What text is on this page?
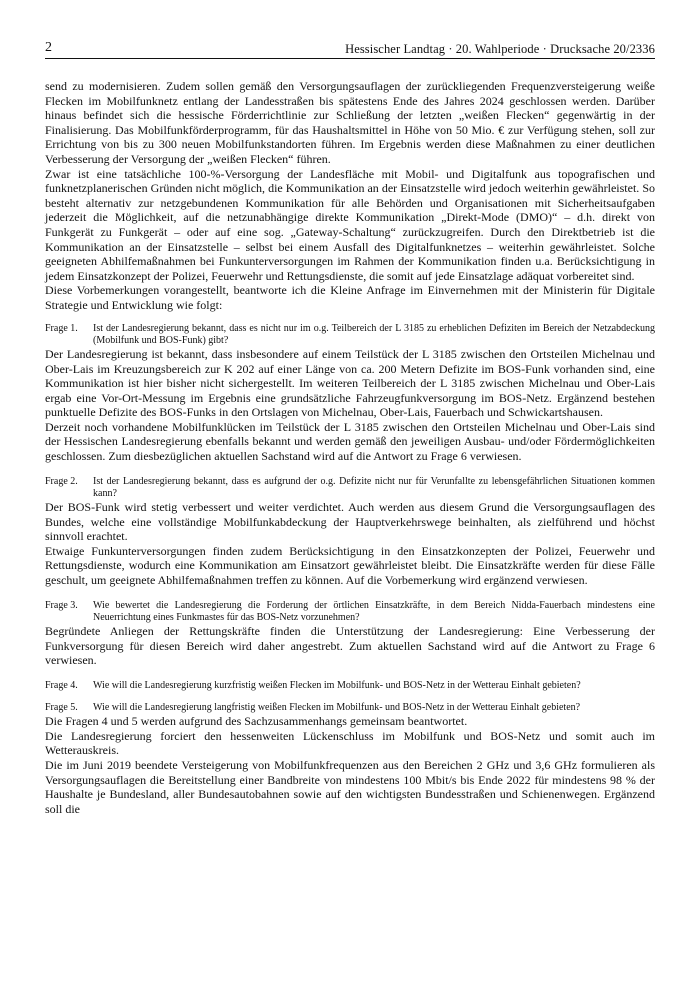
2	Hessischer Landtag · 20. Wahlperiode · Drucksache 20/2336

send zu modernisieren. Zudem sollen gemäß den Versorgungsauflagen der zurückliegenden Frequenzversteigerung weiße Flecken im Mobilfunknetz entlang der Landesstraßen bis spätestens Ende des Jahres 2024 geschlossen werden. Darüber hinaus befindet sich die hessische Förderrichtlinie zur Schließung der letzten „weißen Flecken“ gegenwärtig in der Finalisierung. Das Mobilfunkförderprogramm, für das Haushaltsmittel in Höhe von 50 Mio. € zur Verfügung stehen, soll zur Errichtung von bis zu 300 neuen Mobilfunkstandorten führen. Im Ergebnis werden diese Maßnahmen zu einer deutlichen Verbesserung der Versorgung der „weißen Flecken“ führen.

Zwar ist eine tatsächliche 100-%-Versorgung der Landesfläche mit Mobil- und Digitalfunk aus topografischen und funknetzplanerischen Gründen nicht möglich, die Kommunikation an der Einsatzstelle wird jedoch weiterhin gewährleistet. So besteht alternativ zur netzgebundenen Kommunikation für alle Behörden und Organisationen mit Sicherheitsaufgaben jederzeit die Möglichkeit, auf die netzunabhängige direkte Kommunikation „Direkt-Mode (DMO)“ – d.h. direkt von Funkgerät zu Funkgerät – oder auf eine sog. „Gateway-Schaltung“ zurückzugreifen. Durch den Direktbetrieb ist die Kommunikation an der Einsatzstelle – selbst bei einem Ausfall des Digitalfunknetzes – weiterhin gewährleistet. Solche geeigneten Abhilfemaßnahmen bei Funkunterversorgungen im Rahmen der Kommunikation finden u.a. Berücksichtigung in jedem Einsatzkonzept der Polizei, Feuerwehr und Rettungsdienste, die somit auf jede Einsatzlage adäquat vorbereitet sind.

Diese Vorbemerkungen vorangestellt, beantworte ich die Kleine Anfrage im Einvernehmen mit der Ministerin für Digitale Strategie und Entwicklung wie folgt:

Frage 1.	Ist der Landesregierung bekannt, dass es nicht nur im o.g. Teilbereich der L 3185 zu erheblichen Defiziten im Bereich der Netzabdeckung (Mobilfunk und BOS-Funk) gibt?

Der Landesregierung ist bekannt, dass insbesondere auf einem Teilstück der L 3185 zwischen den Ortsteilen Michelnau und Ober-Lais im Kreuzungsbereich zur K 202 auf einer Länge von ca. 200 Metern Defizite im BOS-Funk vorhanden sind, eine Kommunikation ist hier bisher nicht sichergestellt. Im weiteren Teilbereich der L 3185 zwischen Michelnau und Ober-Lais ergab eine Vor-Ort-Messung im Ergebnis eine grundsätzliche Fahrzeugfunkversorgung im BOS-Netz. Ergänzend bestehen punktuelle Defizite des BOS-Funks in den Ortslagen von Michelnau, Ober-Lais, Fauerbach und Schwickartshausen.

Derzeit noch vorhandene Mobilfunklücken im Teilstück der L 3185 zwischen den Ortsteilen Michelnau und Ober-Lais sind der Hessischen Landesregierung ebenfalls bekannt und werden gemäß den jeweiligen Ausbau- und/oder Fördermöglichkeiten geschlossen. Zum diesbezüglichen aktuellen Sachstand wird auf die Antwort zu Frage 6 verwiesen.

Frage 2.	Ist der Landesregierung bekannt, dass es aufgrund der o.g. Defizite nicht nur für Verunfallte zu lebensgefährlichen Situationen kommen kann?

Der BOS-Funk wird stetig verbessert und weiter verdichtet. Auch werden aus diesem Grund die Versorgungsauflagen des Bundes, welche eine vollständige Mobilfunkabdeckung der Hauptverkehrswege beinhalten, als zielführend und höchst sinnvoll erachtet.

Etwaige Funkunterversorgungen finden zudem Berücksichtigung in den Einsatzkonzepten der Polizei, Feuerwehr und Rettungsdienste, wodurch eine Kommunikation am Einsatzort gewährleistet bleibt. Die Einsatzkräfte werden für diese Fälle geschult, um geeignete Abhilfemaßnahmen treffen zu können. Auf die Vorbemerkung wird ergänzend verwiesen.

Frage 3.	Wie bewertet die Landesregierung die Forderung der örtlichen Einsatzkräfte, in dem Bereich Nidda-Fauerbach mindestens eine Neuerrichtung eines Funkmastes für das BOS-Netz vorzunehmen?

Begründete Anliegen der Rettungskräfte finden die Unterstützung der Landesregierung: Eine Verbesserung der Funkversorgung für diesen Bereich wird daher angestrebt. Zum aktuellen Sachstand wird auf die Antwort zu Frage 6 verwiesen.

Frage 4.	Wie will die Landesregierung kurzfristig weißen Flecken im Mobilfunk- und BOS-Netz in der Wetterau Einhalt gebieten?
Frage 5.	Wie will die Landesregierung langfristig weißen Flecken im Mobilfunk- und BOS-Netz in der Wetterau Einhalt gebieten?

Die Fragen 4 und 5 werden aufgrund des Sachzusammenhangs gemeinsam beantwortet.

Die Landesregierung forciert den hessenweiten Lückenschluss im Mobilfunk und BOS-Netz und somit auch im Wetterauskreis.

Die im Juni 2019 beendete Versteigerung von Mobilfunkfrequenzen aus den Bereichen 2 GHz und 3,6 GHz formulieren als Versorgungsauflagen die Bereitstellung einer Bandbreite von mindestens 100 Mbit/s bis Ende 2022 für mindestens 98 % der Haushalte je Bundesland, aller Bundesautobahnen sowie auf den wichtigsten Bundesstraßen und Schienenwegen. Ergänzend soll die
